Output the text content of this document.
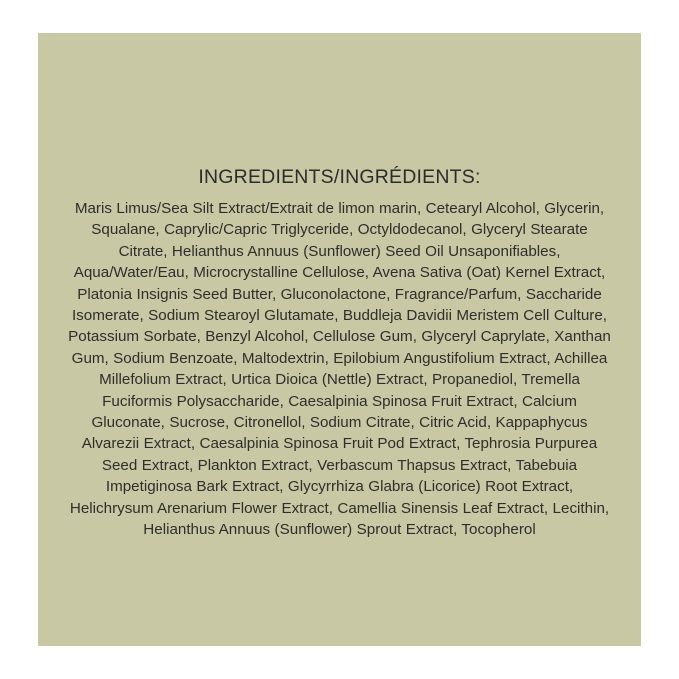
INGREDIENTS/INGRÉDIENTS:
Maris Limus/Sea Silt Extract/Extrait de limon marin, Cetearyl Alcohol, Glycerin, Squalane, Caprylic/Capric Triglyceride, Octyldodecanol, Glyceryl Stearate Citrate, Helianthus Annuus (Sunflower) Seed Oil Unsaponifiables, Aqua/Water/Eau, Microcrystalline Cellulose, Avena Sativa (Oat) Kernel Extract, Platonia Insignis Seed Butter, Gluconolactone, Fragrance/Parfum, Saccharide Isomerate, Sodium Stearoyl Glutamate, Buddleja Davidii Meristem Cell Culture, Potassium Sorbate, Benzyl Alcohol, Cellulose Gum, Glyceryl Caprylate, Xanthan Gum, Sodium Benzoate, Maltodextrin, Epilobium Angustifolium Extract, Achillea Millefolium Extract, Urtica Dioica (Nettle) Extract, Propanediol, Tremella Fuciformis Polysaccharide, Caesalpinia Spinosa Fruit Extract, Calcium Gluconate, Sucrose, Citronellol, Sodium Citrate, Citric Acid, Kappaphycus Alvarezii Extract, Caesalpinia Spinosa Fruit Pod Extract, Tephrosia Purpurea Seed Extract, Plankton Extract, Verbascum Thapsus Extract, Tabebuia Impetiginosa Bark Extract, Glycyrrhiza Glabra (Licorice) Root Extract, Helichrysum Arenarium Flower Extract, Camellia Sinensis Leaf Extract, Lecithin, Helianthus Annuus (Sunflower) Sprout Extract, Tocopherol
